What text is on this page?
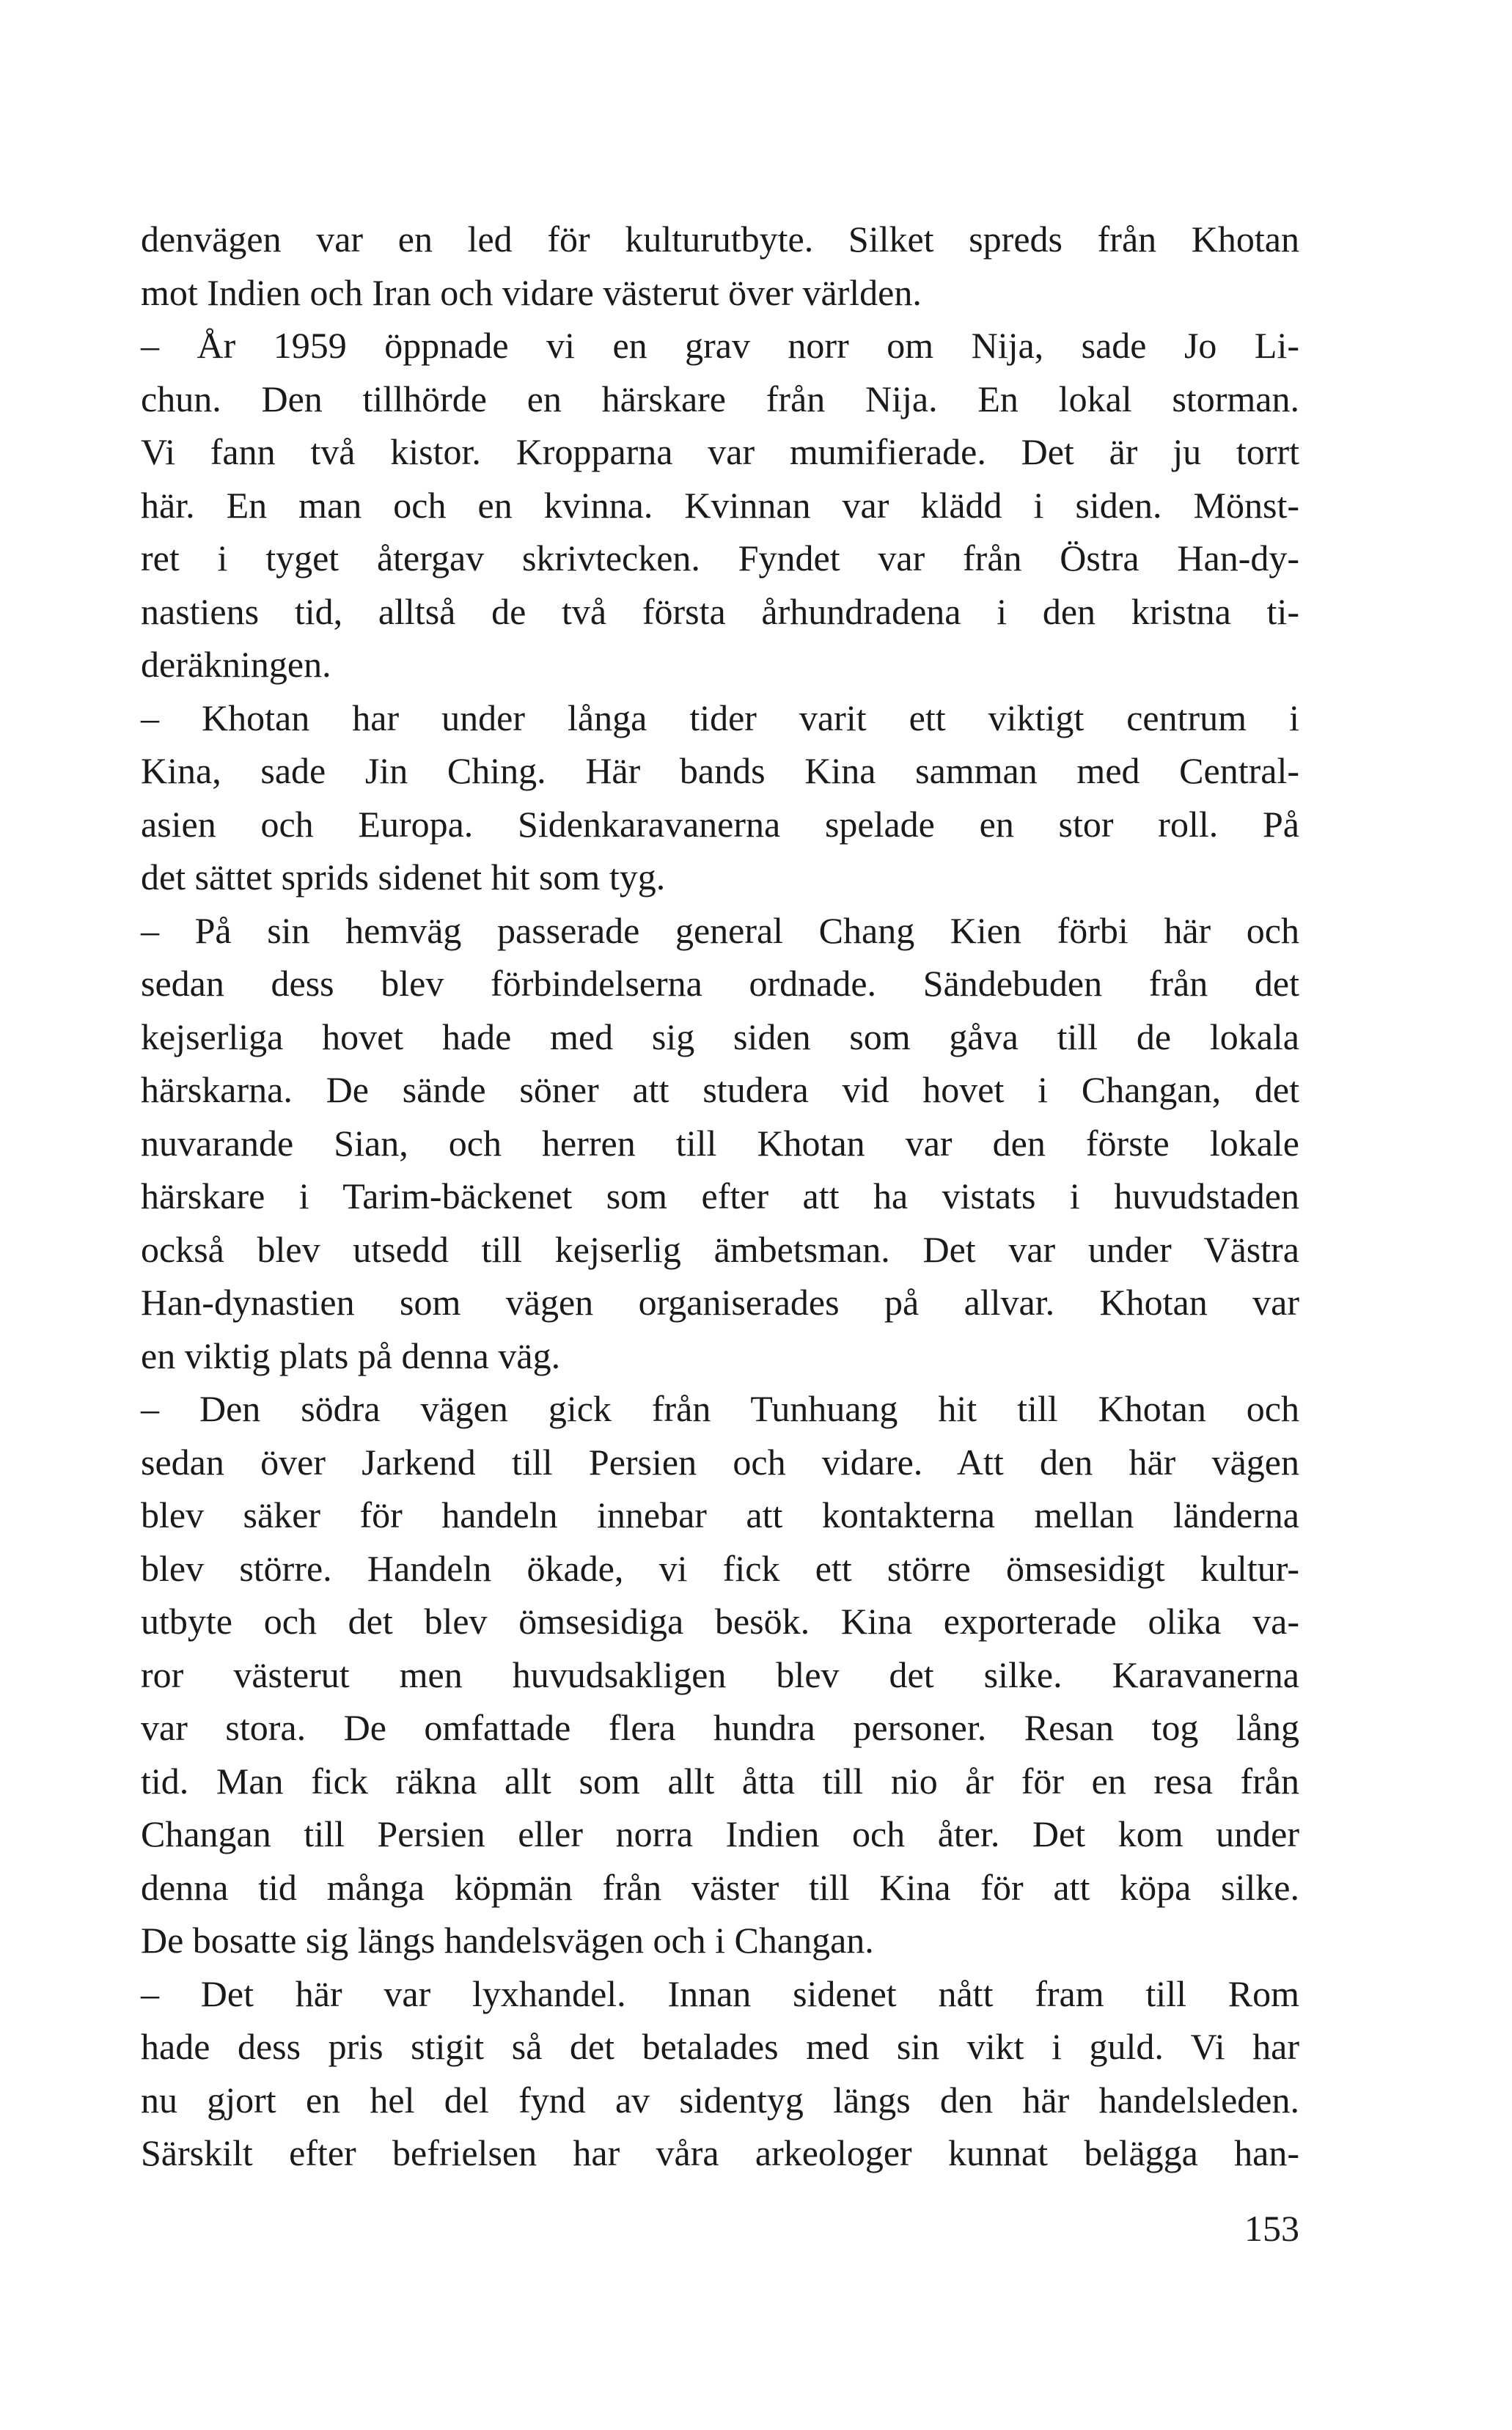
denvägen var en led för kulturutbyte. Silket spreds från Khotan
mot Indien och Iran och vidare västerut över världen.
– År 1959 öppnade vi en grav norr om Nija, sade Jo Li-
chun. Den tillhörde en härskare från Nija. En lokal storman.
Vi fann två kistor. Kropparna var mumifierade. Det är ju torrt
här. En man och en kvinna. Kvinnan var klädd i siden. Mönst-
ret i tyget återgav skrivtecken. Fyndet var från Östra Han-dy-
nastiens tid, alltså de två första århundradena i den kristna ti-
deräkningen.
– Khotan har under långa tider varit ett viktigt centrum i
Kina, sade Jin Ching. Här bands Kina samman med Central-
asien och Europa. Sidenkaravanerna spelade en stor roll. På
det sättet sprids sidenet hit som tyg.
– På sin hemväg passerade general Chang Kien förbi här och
sedan dess blev förbindelserna ordnade. Sändebuden från det
kejserliga hovet hade med sig siden som gåva till de lokala
härskarna. De sände söner att studera vid hovet i Changan, det
nuvarande Sian, och herren till Khotan var den förste lokale
härskare i Tarim-bäckenet som efter att ha vistats i huvudstaden
också blev utsedd till kejserlig ämbetsman. Det var under Västra
Han-dynastien som vägen organiserades på allvar. Khotan var
en viktig plats på denna väg.
– Den södra vägen gick från Tunhuang hit till Khotan och
sedan över Jarkend till Persien och vidare. Att den här vägen
blev säker för handeln innebar att kontakterna mellan länderna
blev större. Handeln ökade, vi fick ett större ömsesidigt kultur-
utbyte och det blev ömsesidiga besök. Kina exporterade olika va-
ror västerut men huvudsakligen blev det silke. Karavanerna
var stora. De omfattade flera hundra personer. Resan tog lång
tid. Man fick räkna allt som allt åtta till nio år för en resa från
Changan till Persien eller norra Indien och åter. Det kom under
denna tid många köpmän från väster till Kina för att köpa silke.
De bosatte sig längs handelsvägen och i Changan.
– Det här var lyxhandel. Innan sidenet nått fram till Rom
hade dess pris stigit så det betalades med sin vikt i guld. Vi har
nu gjort en hel del fynd av sidentyg längs den här handelsleden.
Särskilt efter befrielsen har våra arkeologer kunnat belägga han-
153
